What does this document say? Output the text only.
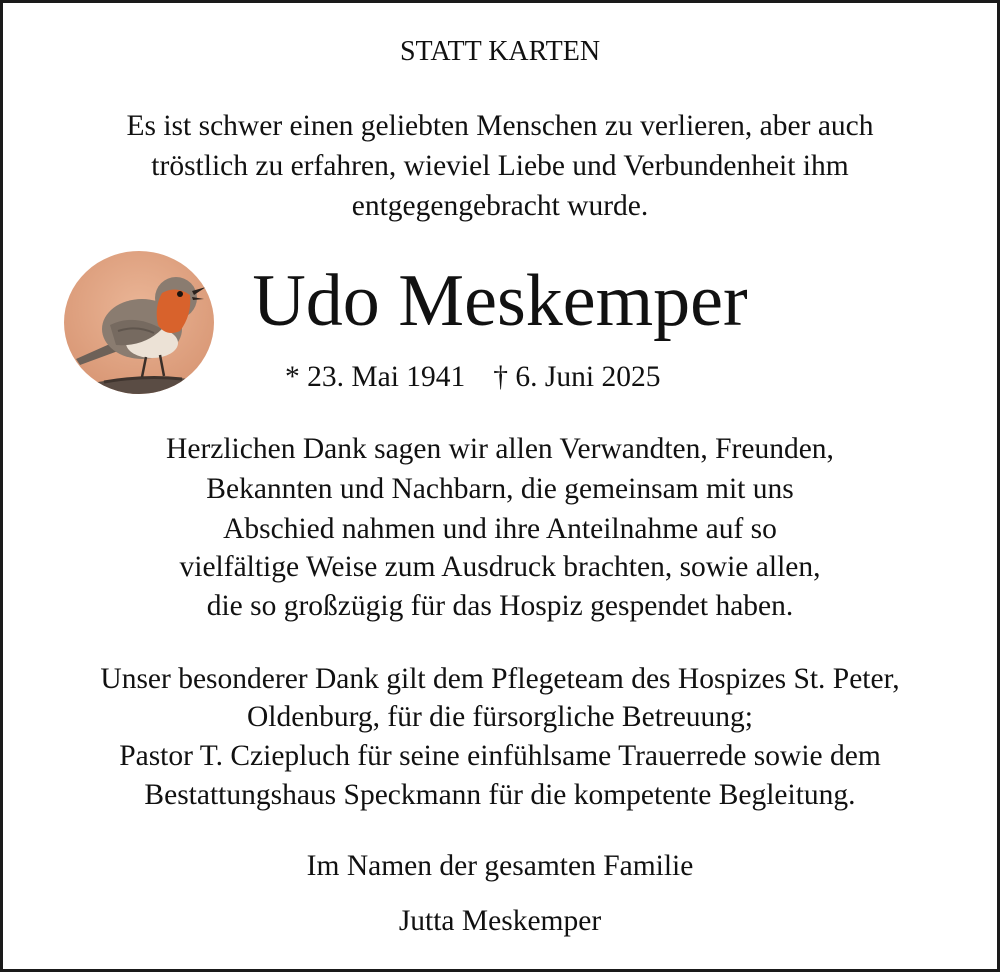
STATT KARTEN
Es ist schwer einen geliebten Menschen zu verlieren, aber auch
tröstlich zu erfahren, wieviel Liebe und Verbundenheit ihm
entgegengebracht wurde.
Udo Meskemper
* 23. Mai 1941 † 6. Juni 2025
Herzlichen Dank sagen wir allen Verwandten, Freunden,
Bekannten und Nachbarn, die gemeinsam mit uns
Abschied nahmen und ihre Anteilnahme auf so
vielfältige Weise zum Ausdruck brachten, sowie allen,
die so großzügig für das Hospiz gespendet haben.
Unser besonderer Dank gilt dem Pflegeteam des Hospizes St. Peter,
Oldenburg, für die fürsorgliche Betreuung;
Pastor T. Cziepluch für seine einfühlsame Trauerrede sowie dem
Bestattungshaus Speckmann für die kompetente Begleitung.
Im Namen der gesamten Familie
Jutta Meskemper
